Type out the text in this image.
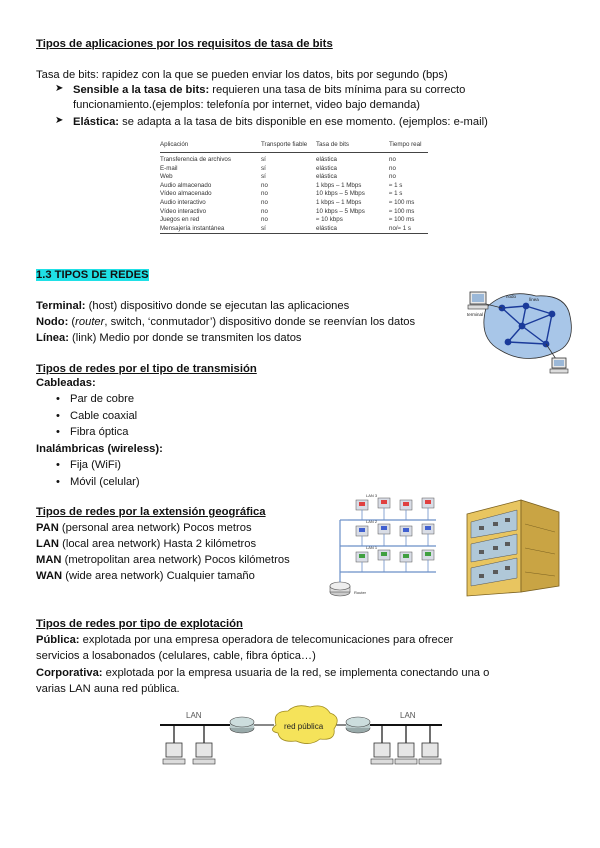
Tipos de aplicaciones por los requisitos de tasa de bits
Tasa de bits: rapidez con la que se pueden enviar los datos, bits por segundo (bps)
➤ Sensible a la tasa de bits: requieren una tasa de bits mínima para su correcto
funcionamiento.(ejemplos: telefonía por internet, video bajo demanda)
➤ Elástica: se adapta a la tasa de bits disponible en ese momento. (ejemplos: e-mail)
Aplicación	Transporte fiable	Tasa de bits	Tiempo real

Transferencia de archivos	sí	elástica	no
E-mail	sí	elástica	no
Web	sí	elástica	no
Audio almacenado	no	1 kbps – 1 Mbps	≈ 1 s
Vídeo almacenado	no	10 kbps – 5 Mbps	≈ 1 s
Audio interactivo	no	1 kbps – 1 Mbps	≈ 100 ms
Vídeo interactivo	no	10 kbps – 5 Mbps	≈ 100 ms
Juegos en red	no	≈ 10 kbps	≈ 100 ms
Mensajería instantánea	sí	elástica	no/≈ 1 s
1.3 TIPOS DE REDES
Terminal: (host) dispositivo donde se ejecutan las aplicaciones
Nodo: (router, switch, ‘conmutador’) dispositivo donde se reenvían los datos
Línea: (link) Medio por donde se transmiten los datos
terminal
nodo
línea
Tipos de redes por el tipo de transmisión
Cableadas:
• Par de cobre
• Cable coaxial
• Fibra óptica
Inalámbricas (wireless):
• Fija (WiFi)
• Móvil (celular)
Tipos de redes por la extensión geográfica
PAN (personal area network) Pocos metros
LAN (local area network) Hasta 2 kilómetros
MAN (metropolitan area network) Pocos kilómetros
WAN (wide area network) Cualquier tamaño
LAN 3
LAN 2
LAN 1
Router
Tipos de redes por tipo de explotación
Pública: explotada por una empresa operadora de telecomunicaciones para ofrecer
servicios a losabonados (celulares, cable, fibra óptica…)
Corporativa: explotada por la empresa usuaria de la red, se implementa conectando una o
varias LAN auna red pública.
LAN	LAN
red pública
